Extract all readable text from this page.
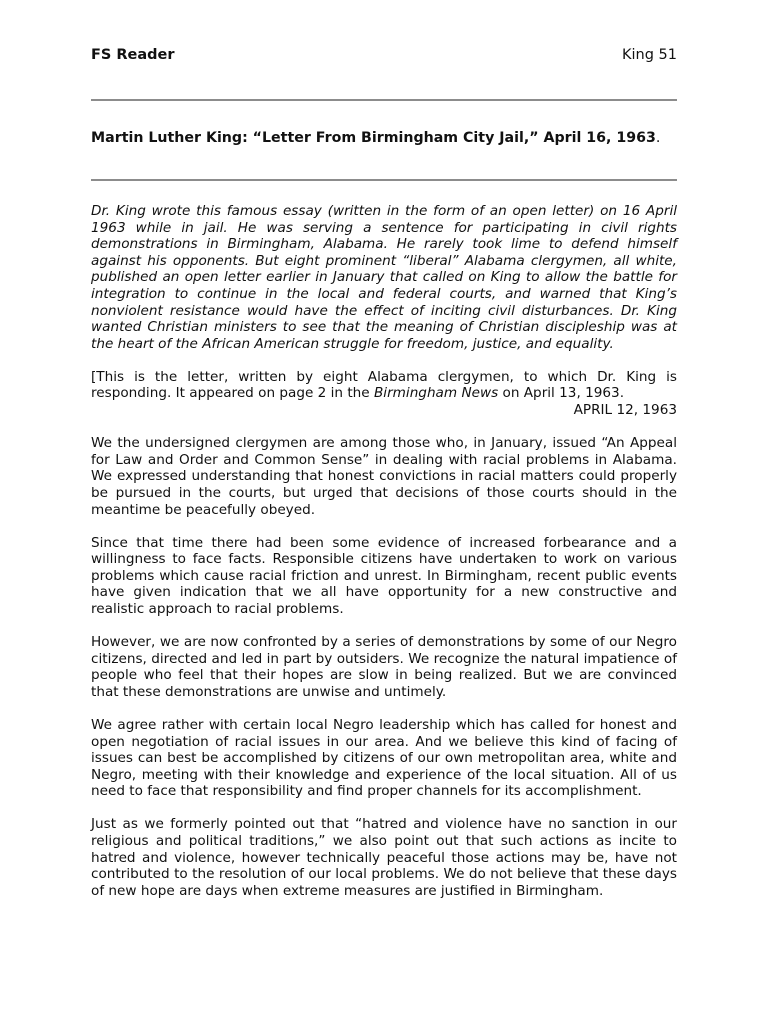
FS Reader	King 51
Martin Luther King: “Letter From Birmingham City Jail,” April 16, 1963.

Dr. King wrote this famous essay (written in the form of an open letter) on 16 April 1963 while in jail. He was serving a sentence for participating in civil rights demonstrations in Birmingham, Alabama. He rarely took lime to defend himself against his opponents. But eight prominent “liberal” Alabama clergymen, all white, published an open letter earlier in January that called on King to allow the battle for integration to continue in the local and federal courts, and warned that King’s nonviolent resistance would have the effect of inciting civil disturbances. Dr. King wanted Christian ministers to see that the meaning of Christian discipleship was at the heart of the African American struggle for freedom, justice, and equality.

[This is the letter, written by eight Alabama clergymen, to which Dr. King is responding. It appeared on page 2 in the Birmingham News on April 13, 1963.

APRIL 12, 1963

We the undersigned clergymen are among those who, in January, issued “An Appeal for Law and Order and Common Sense” in dealing with racial problems in Alabama. We expressed understanding that honest convictions in racial matters could properly be pursued in the courts, but urged that decisions of those courts should in the meantime be peacefully obeyed.

Since that time there had been some evidence of increased forbearance and a willingness to face facts. Responsible citizens have undertaken to work on various problems which cause racial friction and unrest. In Birmingham, recent public events have given indication that we all have opportunity for a new constructive and realistic approach to racial problems.

However, we are now confronted by a series of demonstrations by some of our Negro citizens, directed and led in part by outsiders. We recognize the natural impatience of people who feel that their hopes are slow in being realized. But we are convinced that these demonstrations are unwise and untimely.

We agree rather with certain local Negro leadership which has called for honest and open negotiation of racial issues in our area. And we believe this kind of facing of issues can best be accomplished by citizens of our own metropolitan area, white and Negro, meeting with their knowledge and experience of the local situation. All of us need to face that responsibility and find proper channels for its accomplishment.

Just as we formerly pointed out that “hatred and violence have no sanction in our religious and political traditions,” we also point out that such actions as incite to hatred and violence, however technically peaceful those actions may be, have not contributed to the resolution of our local problems. We do not believe that these days of new hope are days when extreme measures are justified in Birmingham.
